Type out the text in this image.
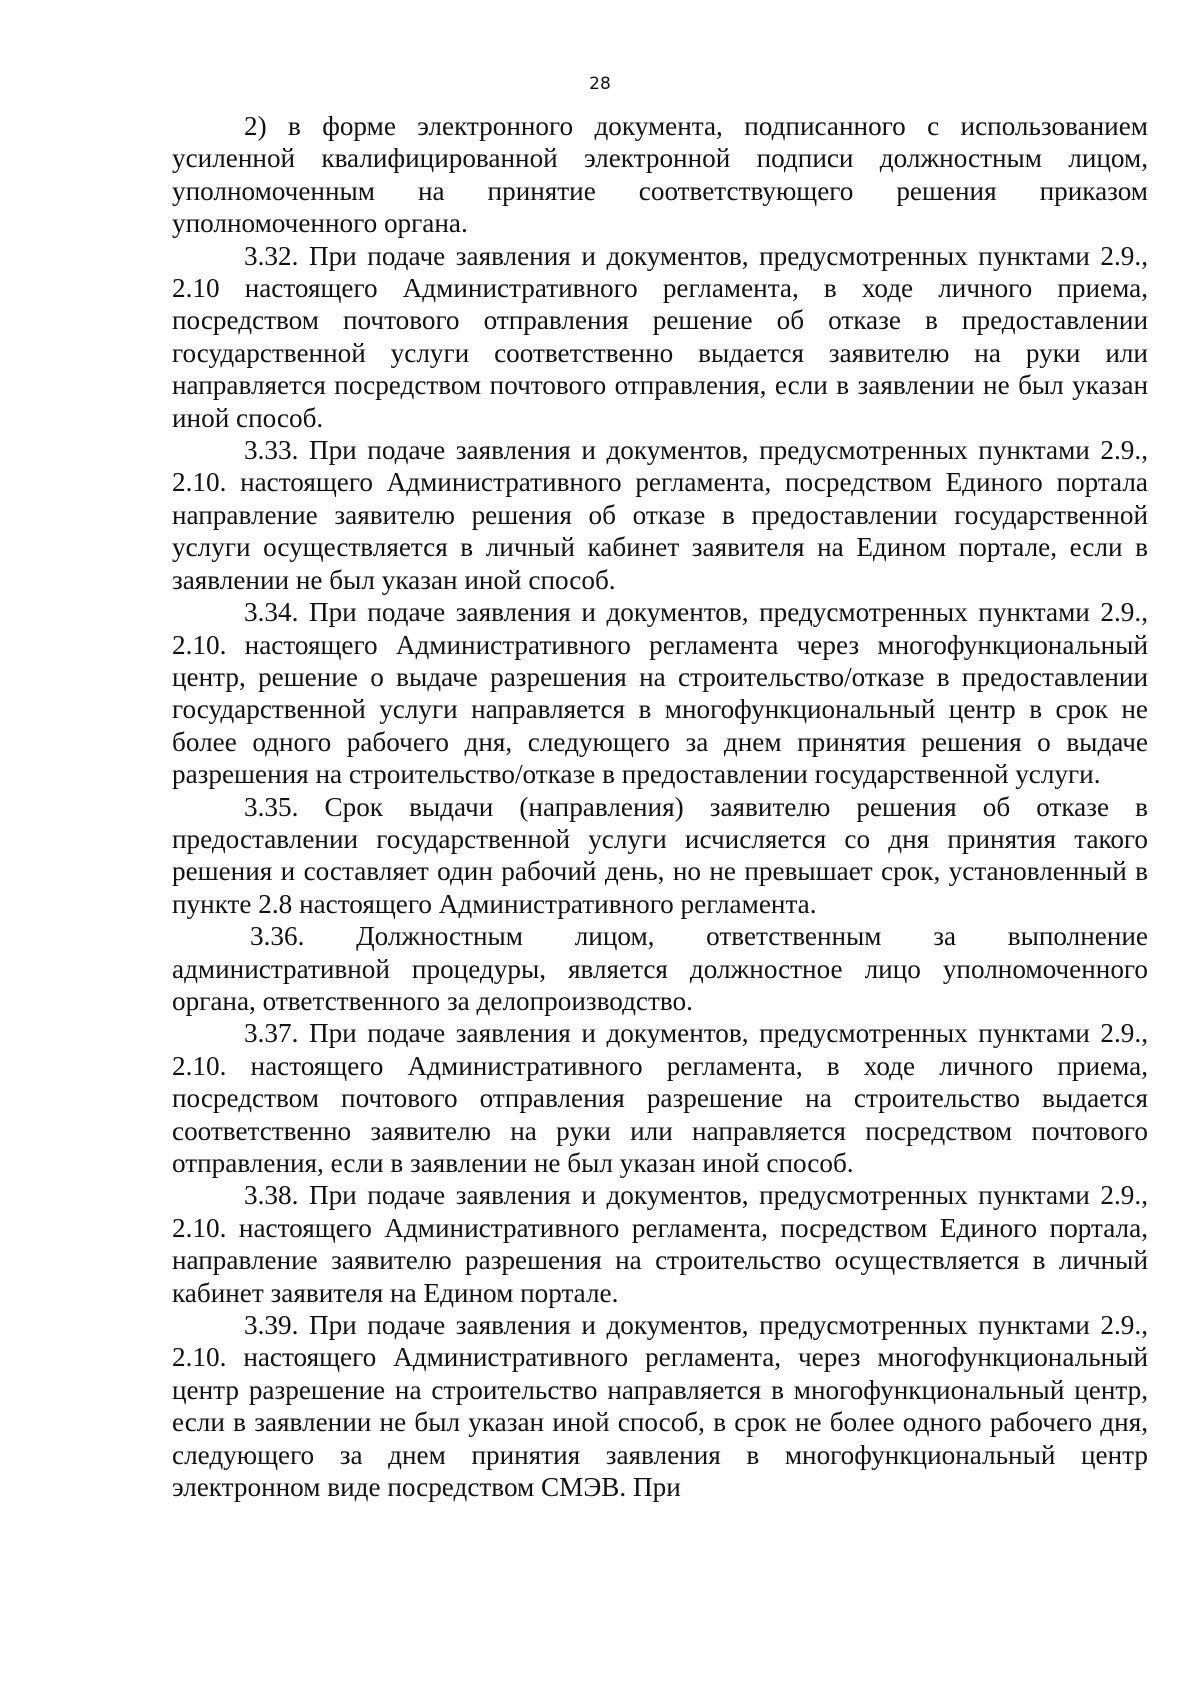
28

2) в форме электронного документа, подписанного с использованием усиленной квалифицированной электронной подписи должностным лицом, уполномоченным на принятие соответствующего решения приказом уполномоченного органа.

3.32. При подаче заявления и документов, предусмотренных пунктами 2.9., 2.10 настоящего Административного регламента, в ходе личного приема, посредством почтового отправления решение об отказе в предоставлении государственной услуги соответственно выдается заявителю на руки или направляется посредством почтового отправления, если в заявлении не был указан иной способ.

3.33. При подаче заявления и документов, предусмотренных пунктами 2.9., 2.10. настоящего Административного регламента, посредством Единого портала направление заявителю решения об отказе в предоставлении государственной услуги осуществляется в личный кабинет заявителя на Едином портале, если в заявлении не был указан иной способ.

3.34. При подаче заявления и документов, предусмотренных пунктами 2.9., 2.10. настоящего Административного регламента через многофункциональный центр, решение о выдаче разрешения на строительство/отказе в предоставлении государственной услуги направляется в многофункциональный центр в срок не более одного рабочего дня, следующего за днем принятия решения о выдаче разрешения на строительство/отказе в предоставлении государственной услуги.

3.35. Срок выдачи (направления) заявителю решения об отказе в предоставлении государственной услуги исчисляется со дня принятия такого решения и составляет один рабочий день, но не превышает срок, установленный в пункте 2.8 настоящего Административного регламента.

3.36. Должностным лицом, ответственным за выполнение административной процедуры, является должностное лицо уполномоченного органа, ответственного за делопроизводство.

3.37. При подаче заявления и документов, предусмотренных пунктами 2.9., 2.10. настоящего Административного регламента, в ходе личного приема, посредством почтового отправления разрешение на строительство выдается соответственно заявителю на руки или направляется посредством почтового отправления, если в заявлении не был указан иной способ.

3.38. При подаче заявления и документов, предусмотренных пунктами 2.9., 2.10. настоящего Административного регламента, посредством Единого портала, направление заявителю разрешения на строительство осуществляется в личный кабинет заявителя на Едином портале.

3.39. При подаче заявления и документов, предусмотренных пунктами 2.9., 2.10. настоящего Административного регламента, через многофункциональный центр разрешение на строительство направляется в многофункциональный центр, если в заявлении не был указан иной способ, в срок не более одного рабочего дня, следующего за днем принятия заявления в многофункциональный центр электронном виде посредством СМЭВ. При
